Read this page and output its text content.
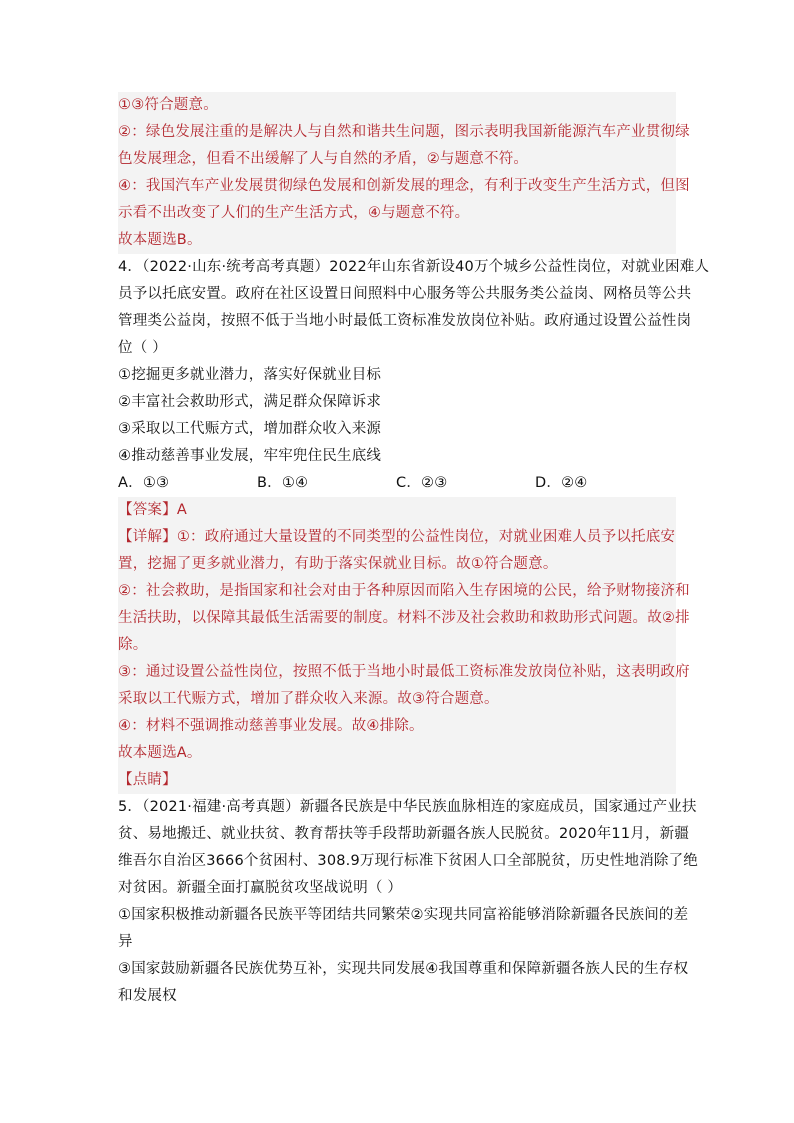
①③符合题意。
②：绿色发展注重的是解决人与自然和谐共生问题，图示表明我国新能源汽车产业贯彻绿
色发展理念，但看不出缓解了人与自然的矛盾，②与题意不符。
④：我国汽车产业发展贯彻绿色发展和创新发展的理念，有利于改变生产生活方式，但图
示看不出改变了人们的生产生活方式，④与题意不符。
故本题选B。
4．（2022·山东·统考高考真题）2022年山东省新设40万个城乡公益性岗位，对就业困难人
员予以托底安置。政府在社区设置日间照料中心服务等公共服务类公益岗、网格员等公共
管理类公益岗，按照不低于当地小时最低工资标准发放岗位补贴。政府通过设置公益性岗
位（ ）
①挖掘更多就业潜力，落实好保就业目标
②丰富社会救助形式，满足群众保障诉求
③采取以工代赈方式，增加群众收入来源
④推动慈善事业发展，牢牢兜住民生底线
A．①③	B．①④	C．②③	D．②④
【答案】A
【详解】①：政府通过大量设置的不同类型的公益性岗位，对就业困难人员予以托底安
置，挖掘了更多就业潜力，有助于落实保就业目标。故①符合题意。
②：社会救助，是指国家和社会对由于各种原因而陷入生存困境的公民，给予财物接济和
生活扶助，以保障其最低生活需要的制度。材料不涉及社会救助和救助形式问题。故②排
除。
③：通过设置公益性岗位，按照不低于当地小时最低工资标准发放岗位补贴，这表明政府
采取以工代赈方式，增加了群众收入来源。故③符合题意。
④：材料不强调推动慈善事业发展。故④排除。
故本题选A。
【点睛】
5．（2021·福建·高考真题）新疆各民族是中华民族血脉相连的家庭成员，国家通过产业扶
贫、易地搬迁、就业扶贫、教育帮扶等手段帮助新疆各族人民脱贫。2020年11月，新疆
维吾尔自治区3666个贫困村、308.9万现行标准下贫困人口全部脱贫，历史性地消除了绝
对贫困。新疆全面打赢脱贫攻坚战说明（ ）
①国家积极推动新疆各民族平等团结共同繁荣②实现共同富裕能够消除新疆各民族间的差
异
③国家鼓励新疆各民族优势互补，实现共同发展④我国尊重和保障新疆各族人民的生存权
和发展权
